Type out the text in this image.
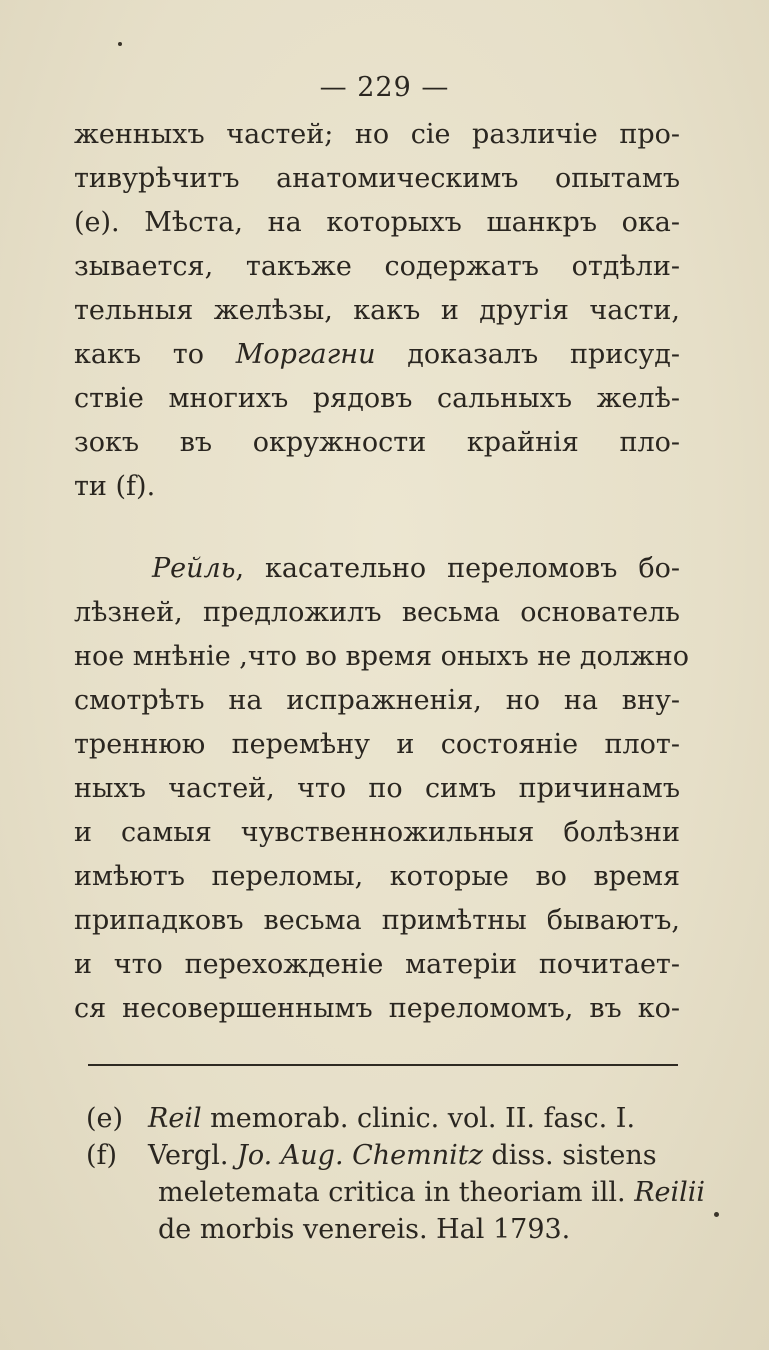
— 229 —
женныхъ частей; но сіе различіе про-
тивурѣчитъ анатомическимъ опытамъ
(e). Мѣста, на которыхъ шанкръ ока-
зывается, такъже содержатъ отдѣли-
тельныя желѣзы, какъ и другія части,
какъ то Моргагни доказалъ присуд-
ствіе многихъ рядовъ сальныхъ желѣ-
зокъ въ окружности крайнія пло-
ти (f).
Рейль, касательно переломовъ бо-
лѣзней, предложилъ весьма основатель
ное мнѣніе ,что во время оныхъ не должно
смотрѣть на испражненія, но на вну-
треннюю перемѣну и состояніе плот-
ныхъ частей, что по симъ причинамъ
и самыя чувственножильныя болѣзни
имѣютъ переломы, которые во время
припадковъ весьма примѣтны бываютъ,
и что перехожденіе матеріи почитает-
ся несовершеннымъ переломомъ, въ ко-
(e) Reil memorab. clinic. vol. II. fasc. I.
(f) Vergl. Jo. Aug. Chemnitz diss. sistens
meletemata critica in theoriam ill. Reilii
de morbis venereis. Hal 1793.
